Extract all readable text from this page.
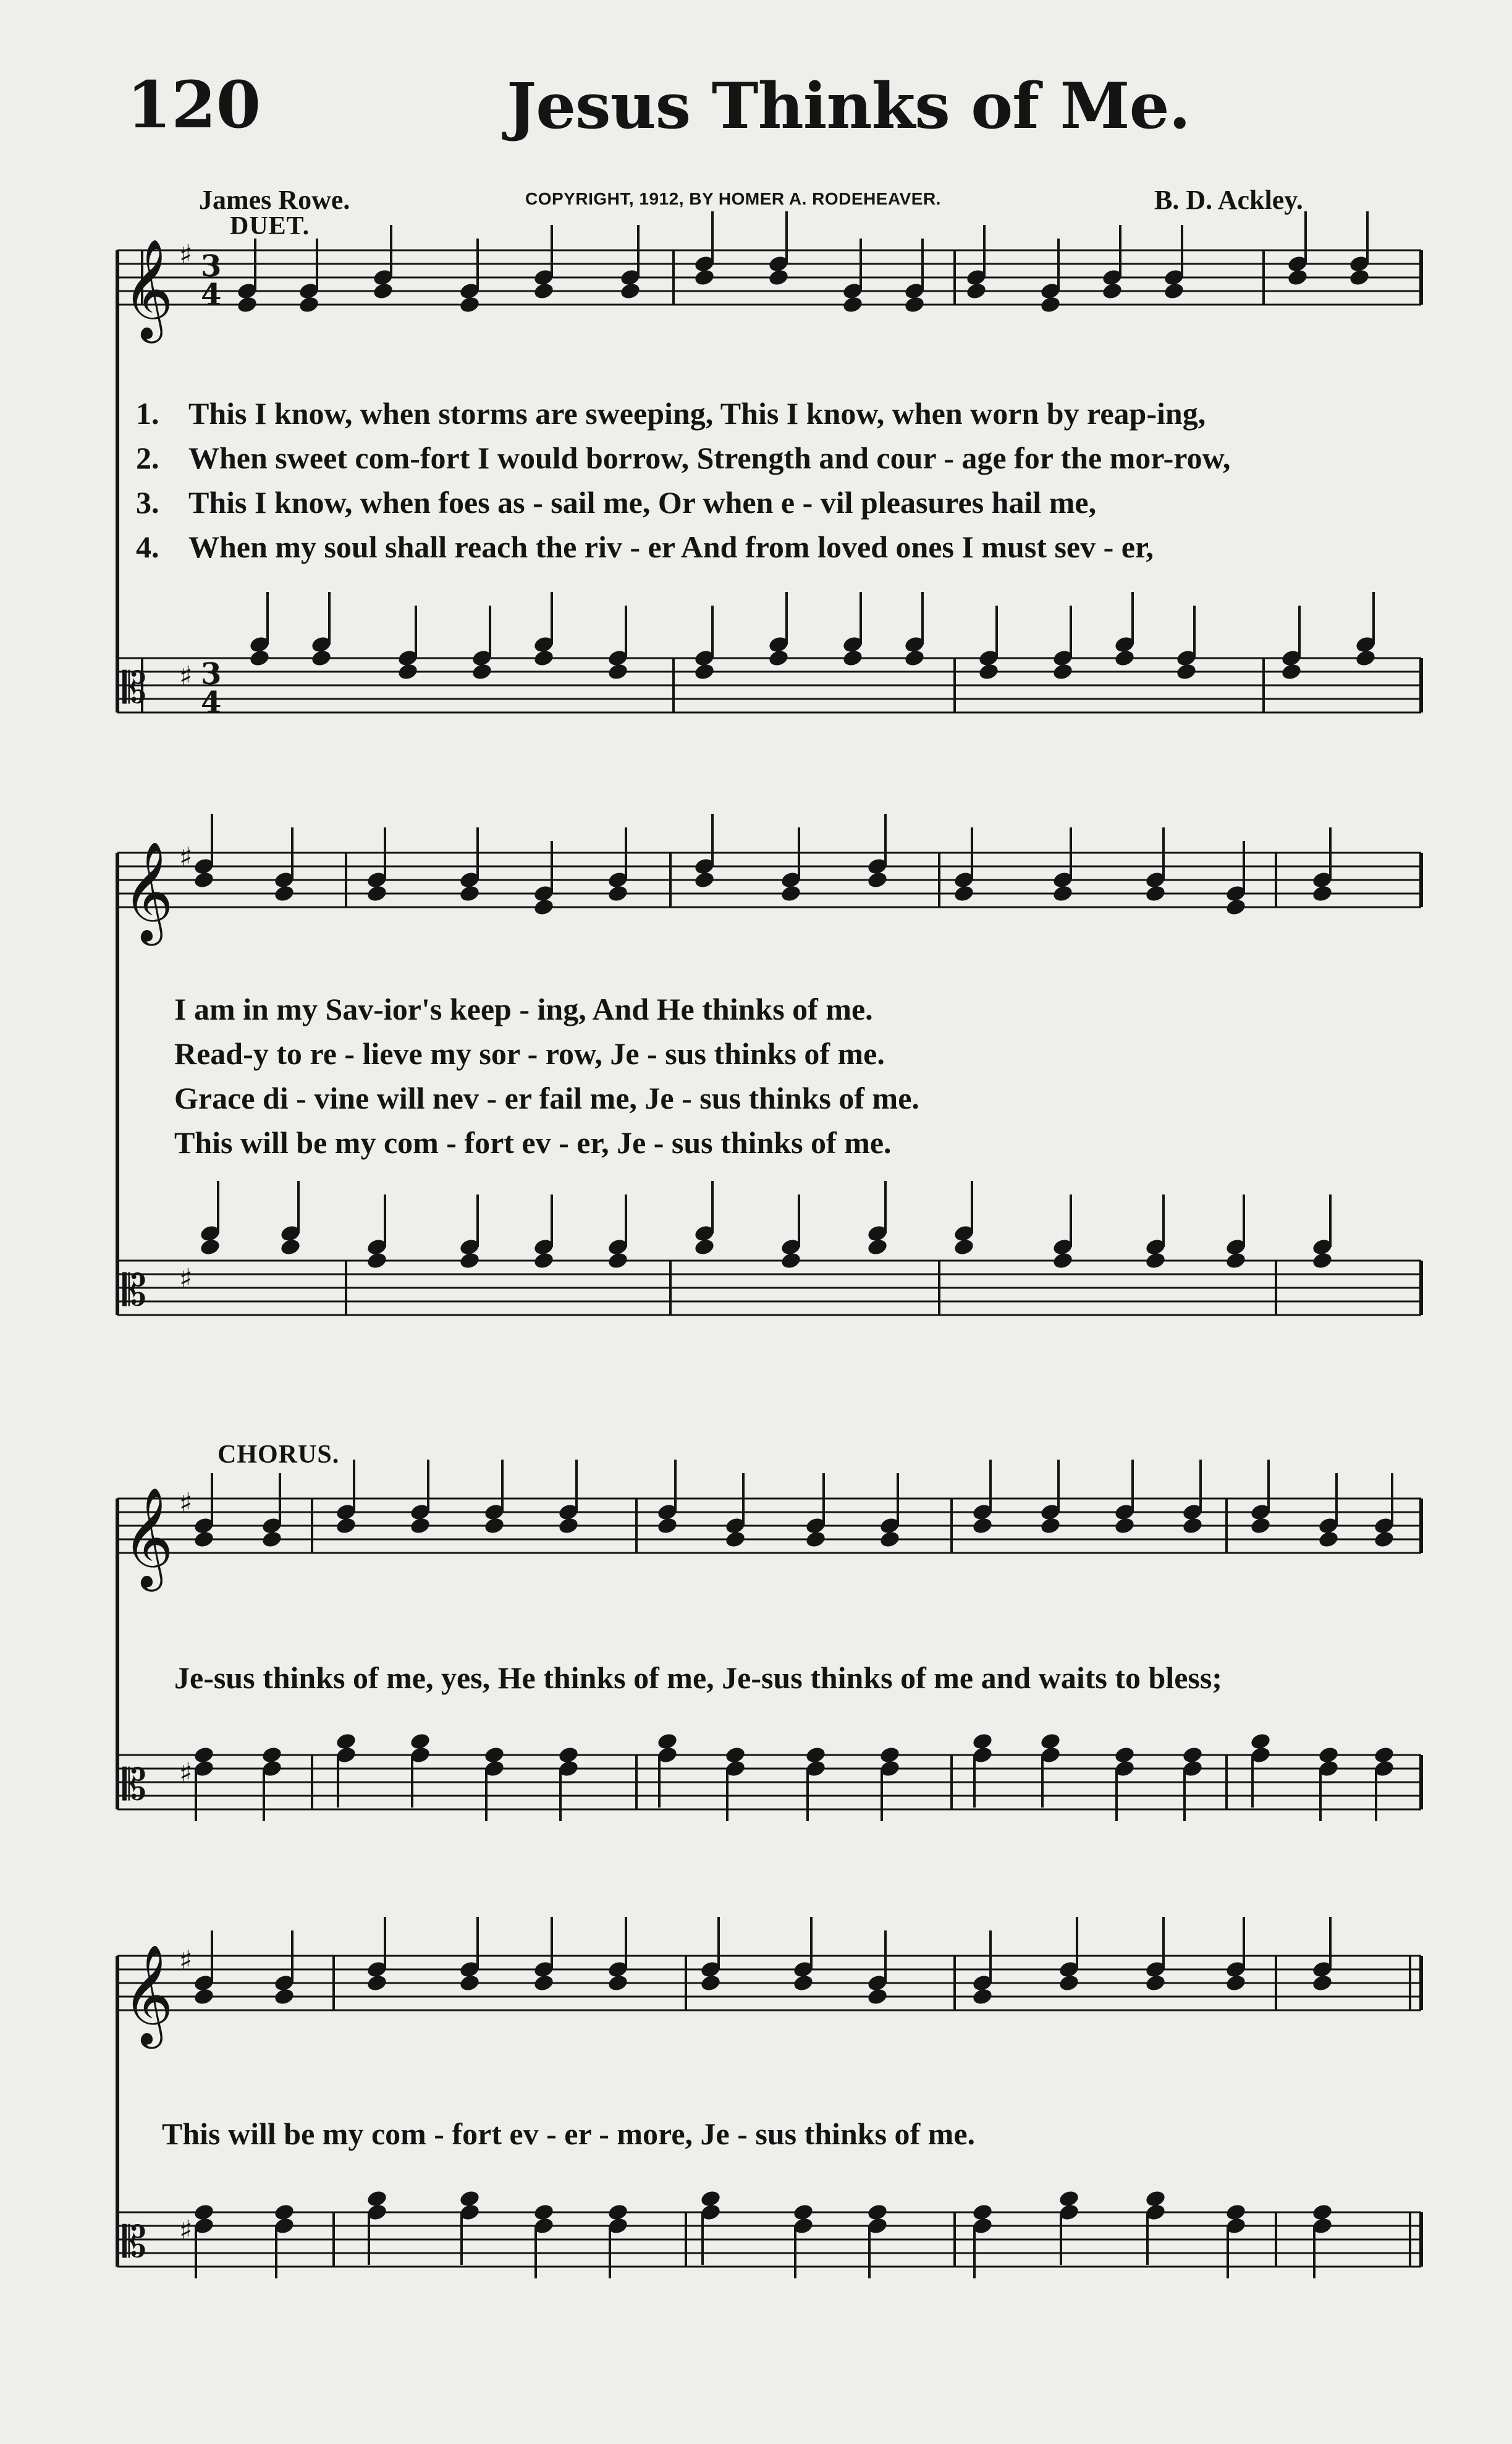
120	Jesus Thinks of Me.
James Rowe.	COPYRIGHT, 1912, BY HOMER A. RODEHEAVER.	B. D. Ackley.
DUET.
CHORUS.
𝄞 ♯ 3
4
𝄡 ♯ 3
4
𝄞 ♯
𝄡 ♯
𝄞 ♯
𝄡 ♯
𝄞 ♯
𝄡 ♯
1. This I know, when storms are sweeping, This I know, when worn by reap-ing,
2. When sweet com-fort I would borrow, Strength and cour - age for the mor-row,
3. This I know, when foes as - sail me, Or when e - vil pleasures hail me,
4. When my soul shall reach the riv - er And from loved ones I must sev - er,
I am in my Sav-ior's keep - ing, And He thinks of me.
Read-y to re - lieve my sor - row, Je - sus thinks of me.
Grace di - vine will nev - er fail me, Je - sus thinks of me.
This will be my com - fort ev - er, Je - sus thinks of me.
Je-sus thinks of me, yes, He thinks of me, Je-sus thinks of me and waits to bless;
This will be my com - fort ev - er - more, Je - sus thinks of me.
